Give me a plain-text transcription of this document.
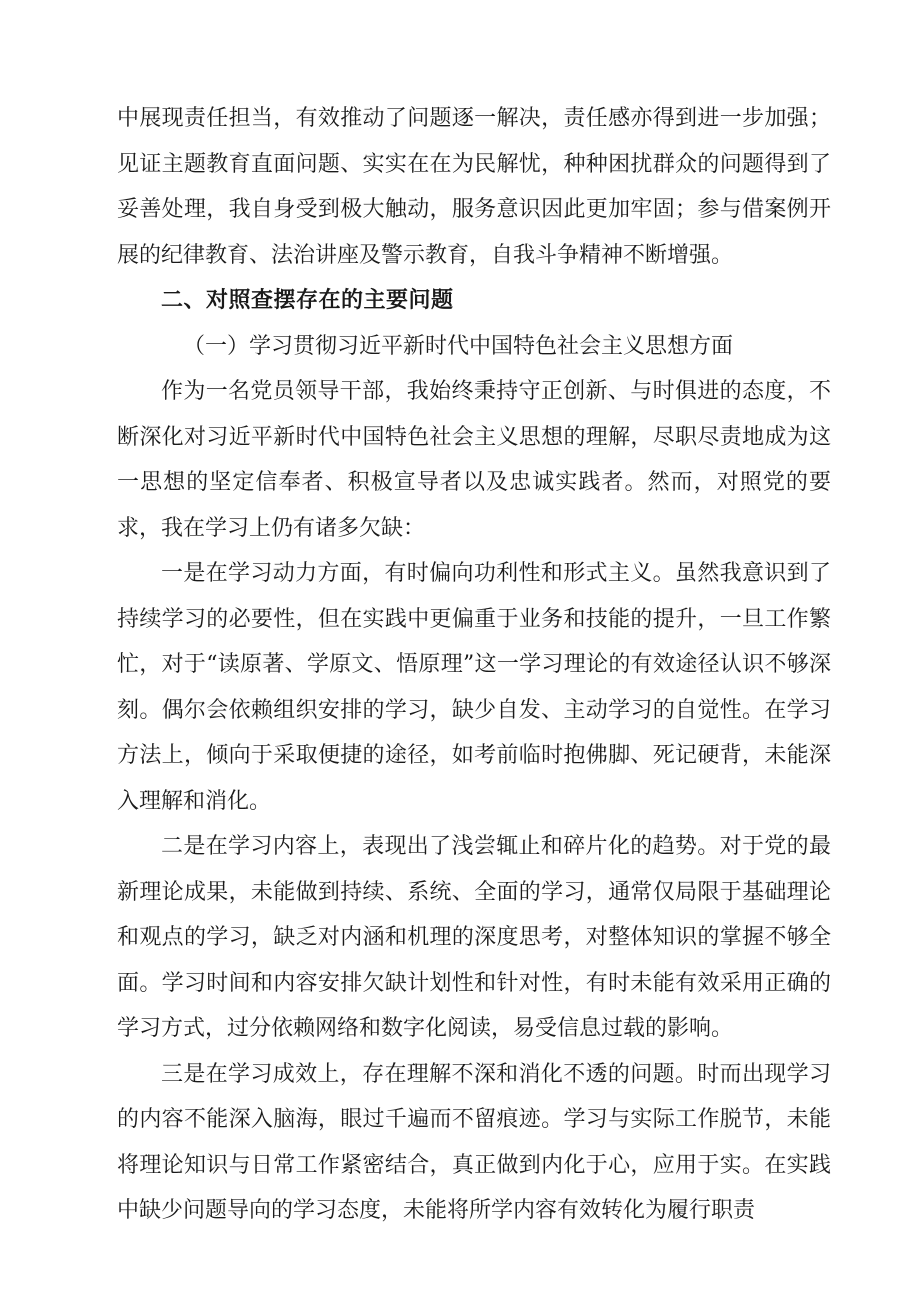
中展现责任担当，有效推动了问题逐一解决，责任感亦得到进一步加强；见证主题教育直面问题、实实在在为民解忧，种种困扰群众的问题得到了妥善处理，我自身受到极大触动，服务意识因此更加牢固；参与借案例开展的纪律教育、法治讲座及警示教育，自我斗争精神不断增强。

二、对照查摆存在的主要问题

（一）学习贯彻习近平新时代中国特色社会主义思想方面

作为一名党员领导干部，我始终秉持守正创新、与时俱进的态度，不断深化对习近平新时代中国特色社会主义思想的理解，尽职尽责地成为这一思想的坚定信奉者、积极宣导者以及忠诚实践者。然而，对照党的要求，我在学习上仍有诸多欠缺：

一是在学习动力方面，有时偏向功利性和形式主义。虽然我意识到了持续学习的必要性，但在实践中更偏重于业务和技能的提升，一旦工作繁忙，对于“读原著、学原文、悟原理”这一学习理论的有效途径认识不够深刻。偶尔会依赖组织安排的学习，缺少自发、主动学习的自觉性。在学习方法上，倾向于采取便捷的途径，如考前临时抱佛脚、死记硬背，未能深入理解和消化。

二是在学习内容上，表现出了浅尝辄止和碎片化的趋势。对于党的最新理论成果，未能做到持续、系统、全面的学习，通常仅局限于基础理论和观点的学习，缺乏对内涵和机理的深度思考，对整体知识的掌握不够全面。学习时间和内容安排欠缺计划性和针对性，有时未能有效采用正确的学习方式，过分依赖网络和数字化阅读，易受信息过载的影响。

三是在学习成效上，存在理解不深和消化不透的问题。时而出现学习的内容不能深入脑海，眼过千遍而不留痕迹。学习与实际工作脱节，未能将理论知识与日常工作紧密结合，真正做到内化于心，应用于实。在实践中缺少问题导向的学习态度，未能将所学内容有效转化为履行职责
